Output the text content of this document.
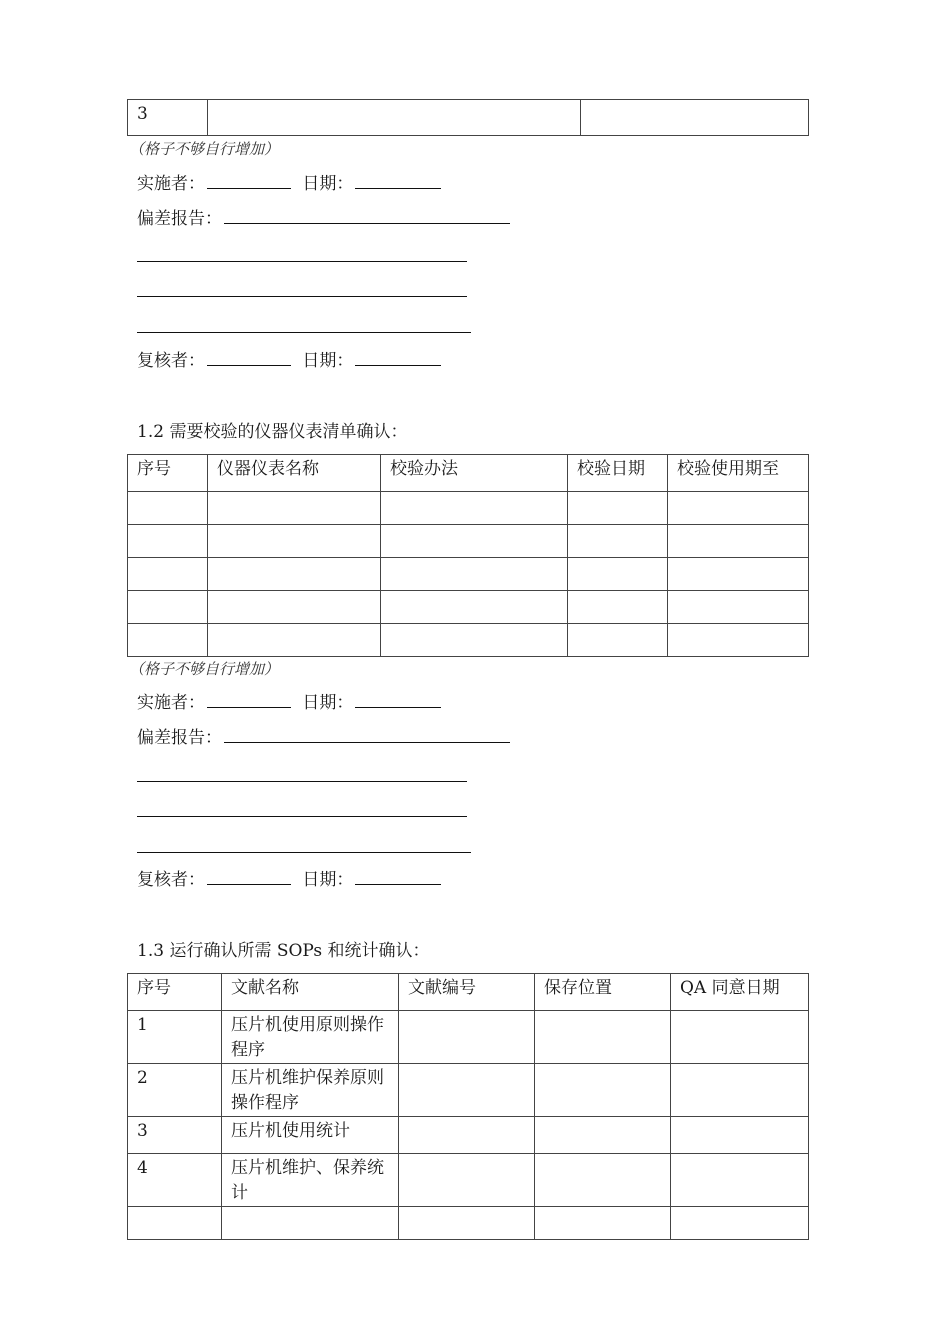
3		
（格子不够自行增加）
实施者：	日期：
偏差报告：
复核者：	日期：
1.2 需要校验的仪器仪表清单确认：
序号	仪器仪表名称	校验办法	校验日期	校验使用期至

（格子不够自行增加）
实施者：	日期：
偏差报告：
复核者：	日期：
1.3 运行确认所需 SOPs 和统计确认：
序号	文献名称	文献编号	保存位置	QA 同意日期
1	压片机使用原则操作程序			
2	压片机维护保养原则操作程序			
3	压片机使用统计			
4	压片机维护、保养统计			
